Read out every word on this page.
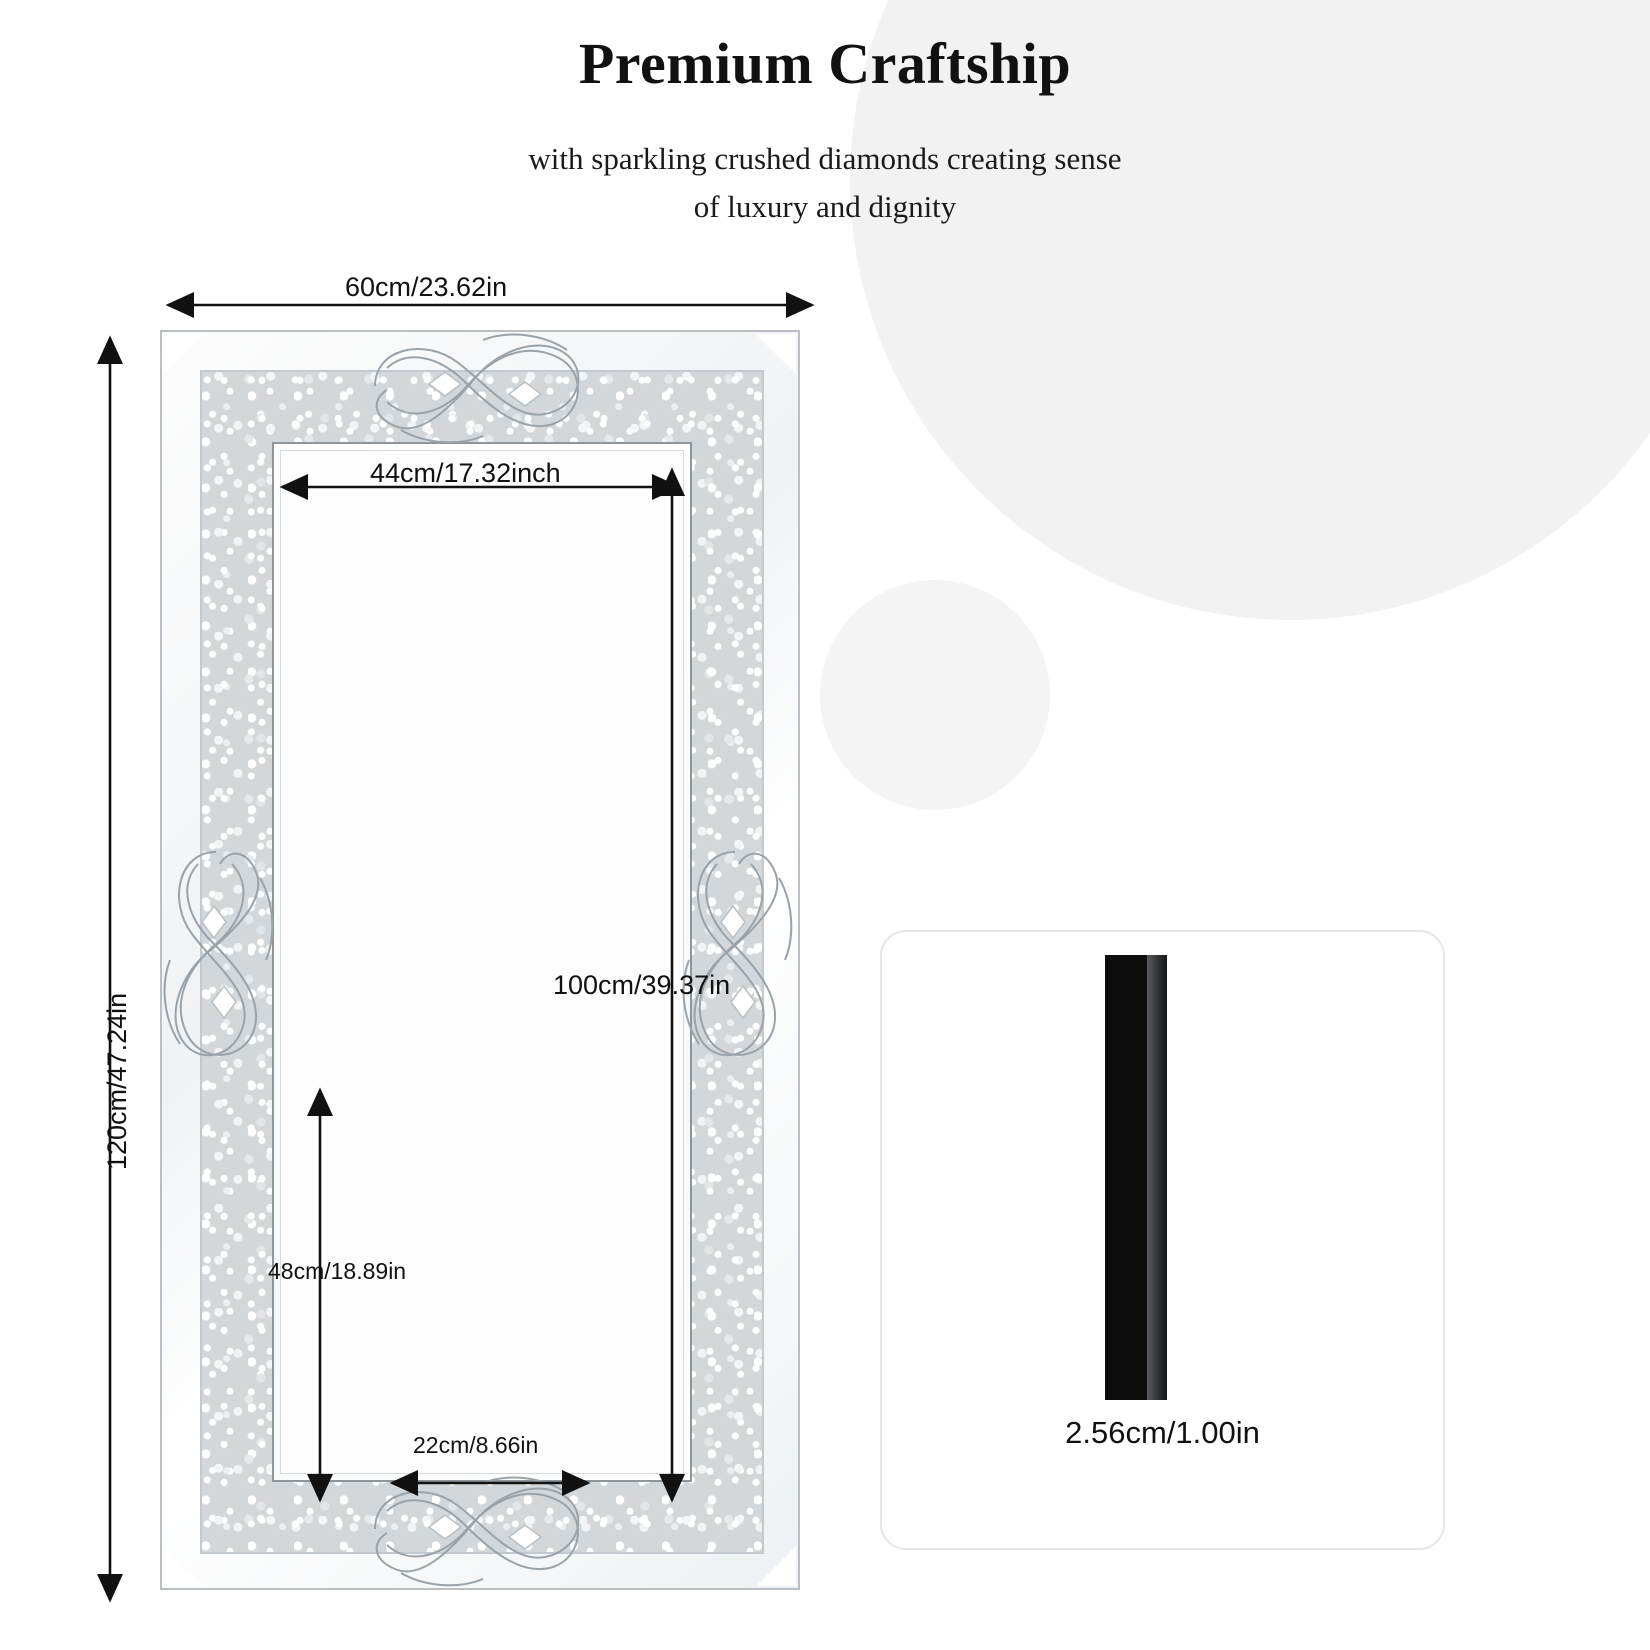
Premium Craftship
with sparkling crushed diamonds creating sense
of luxury and dignity
60cm/23.62in
120cm/47.24in
44cm/17.32inch
100cm/39.37in
48cm/18.89in
22cm/8.66in	2.56cm/1.00in
